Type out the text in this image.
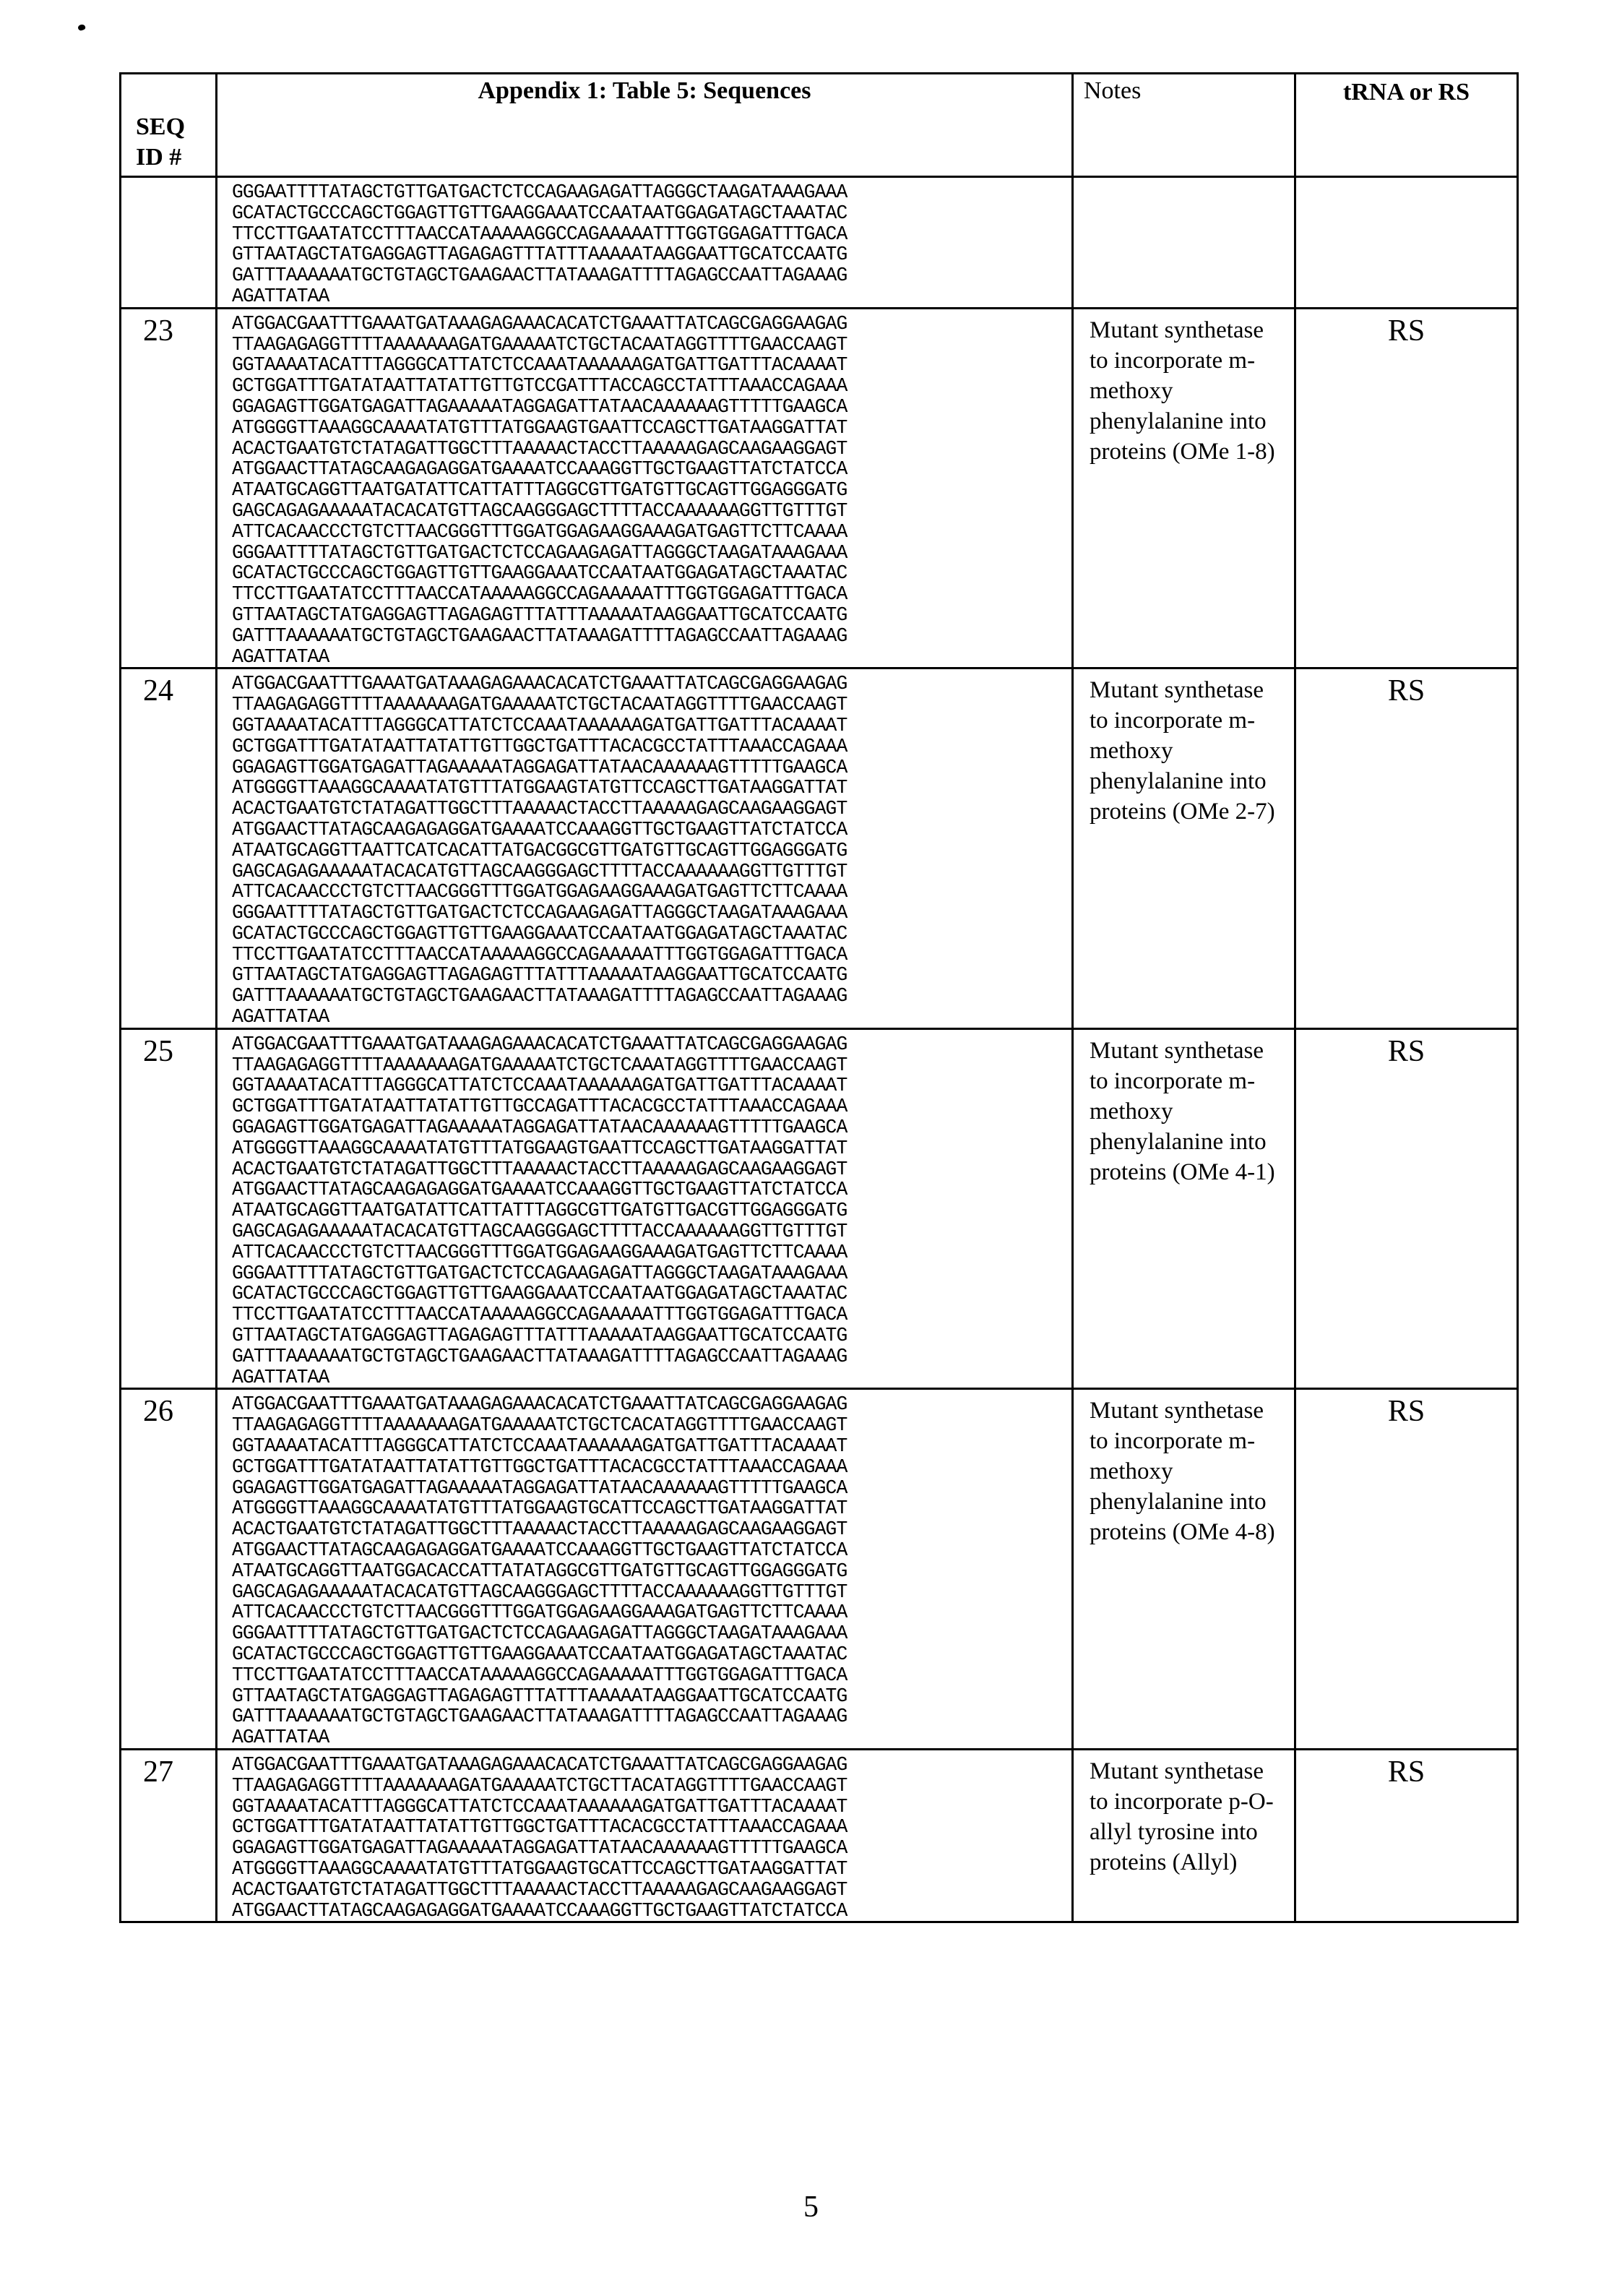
SEQ ID #	Appendix 1: Table 5: Sequences	Notes	tRNA or RS

GGGAATTTTATAGCTGTTGATGACTCTCCAGAAGAGATTAGGGCTAAGATAAAGAAA
GCATACTGCCCAGCTGGAGTTGTTGAAGGAAATCCAATAATGGAGATAGCTAAATAC
TTCCTTGAATATCCTTTAACCATAAAAAGGCCAGAAAAATTTGGTGGAGATTTGACA
GTTAATAGCTATGAGGAGTTAGAGAGTTTATTTAAAAATAAGGAATTGCATCCAATG
GATTTAAAAAATGCTGTAGCTGAAGAACTTATAAAGATTTTAGAGCCAATTAGAAAG
AGATTATAA

23	ATGGACGAATTTGAAATGATAAAGAGAAACACATCTGAAATTATCAGCGAGGAAGAG
TTAAGAGAGGTTTTAAAAAAAGATGAAAAATCTGCTACAATAGGTTTTGAACCAAGT
GGTAAAATACATTTAGGGCATTATCTCCAAATAAAAAAGATGATTGATTTACAAAAT
GCTGGATTTGATATAATTATATTGTTGTCCGATTTACCAGCCTATTTAAACCAGAAA
GGAGAGTTGGATGAGATTAGAAAAATAGGAGATTATAACAAAAAAGTTTTTGAAGCA
ATGGGGTTAAAGGCAAAATATGTTTATGGAAGTGAATTCCAGCTTGATAAGGATTAT
ACACTGAATGTCTATAGATTGGCTTTAAAAACTACCTTAAAAAGAGCAAGAAGGAGT
ATGGAACTTATAGCAAGAGAGGATGAAAATCCAAAGGTTGCTGAAGTTATCTATCCA
ATAATGCAGGTTAATGATATTCATTATTTAGGCGTTGATGTTGCAGTTGGAGGGATG
GAGCAGAGAAAAATACACATGTTAGCAAGGGAGCTTTTACCAAAAAAGGTTGTTTGT
ATTCACAACCCTGTCTTAACGGGTTTGGATGGAGAAGGAAAGATGAGTTCTTCAAAA
GGGAATTTTATAGCTGTTGATGACTCTCCAGAAGAGATTAGGGCTAAGATAAAGAAA
GCATACTGCCCAGCTGGAGTTGTTGAAGGAAATCCAATAATGGAGATAGCTAAATAC
TTCCTTGAATATCCTTTAACCATAAAAAGGCCAGAAAAATTTGGTGGAGATTTGACA
GTTAATAGCTATGAGGAGTTAGAGAGTTTATTTAAAAATAAGGAATTGCATCCAATG
GATTTAAAAAATGCTGTAGCTGAAGAACTTATAAAGATTTTAGAGCCAATTAGAAAG
AGATTATAA
	Mutant synthetase to incorporate m-methoxy phenylalanine into proteins (OMe 1-8)	RS
24	ATGGACGAATTTGAAATGATAAAGAGAAACACATCTGAAATTATCAGCGAGGAAGAG
TTAAGAGAGGTTTTAAAAAAAGATGAAAAATCTGCTACAATAGGTTTTGAACCAAGT
GGTAAAATACATTTAGGGCATTATCTCCAAATAAAAAAGATGATTGATTTACAAAAT
GCTGGATTTGATATAATTATATTGTTGGCTGATTTACACGCCTATTTAAACCAGAAA
GGAGAGTTGGATGAGATTAGAAAAATAGGAGATTATAACAAAAAAGTTTTTGAAGCA
ATGGGGTTAAAGGCAAAATATGTTTATGGAAGTATGTTCCAGCTTGATAAGGATTAT
ACACTGAATGTCTATAGATTGGCTTTAAAAACTACCTTAAAAAGAGCAAGAAGGAGT
ATGGAACTTATAGCAAGAGAGGATGAAAATCCAAAGGTTGCTGAAGTTATCTATCCA
ATAATGCAGGTTAATTCATCACATTATGACGGCGTTGATGTTGCAGTTGGAGGGATG
GAGCAGAGAAAAATACACATGTTAGCAAGGGAGCTTTTACCAAAAAAGGTTGTTTGT
ATTCACAACCCTGTCTTAACGGGTTTGGATGGAGAAGGAAAGATGAGTTCTTCAAAA
GGGAATTTTATAGCTGTTGATGACTCTCCAGAAGAGATTAGGGCTAAGATAAAGAAA
GCATACTGCCCAGCTGGAGTTGTTGAAGGAAATCCAATAATGGAGATAGCTAAATAC
TTCCTTGAATATCCTTTAACCATAAAAAGGCCAGAAAAATTTGGTGGAGATTTGACA
GTTAATAGCTATGAGGAGTTAGAGAGTTTATTTAAAAATAAGGAATTGCATCCAATG
GATTTAAAAAATGCTGTAGCTGAAGAACTTATAAAGATTTTAGAGCCAATTAGAAAG
AGATTATAA
	Mutant synthetase to incorporate m-methoxy phenylalanine into proteins (OMe 2-7)	RS
25	ATGGACGAATTTGAAATGATAAAGAGAAACACATCTGAAATTATCAGCGAGGAAGAG
TTAAGAGAGGTTTTAAAAAAAGATGAAAAATCTGCTCAAATAGGTTTTGAACCAAGT
GGTAAAATACATTTAGGGCATTATCTCCAAATAAAAAAGATGATTGATTTACAAAAT
GCTGGATTTGATATAATTATATTGTTGCCAGATTTACACGCCTATTTAAACCAGAAA
GGAGAGTTGGATGAGATTAGAAAAATAGGAGATTATAACAAAAAAGTTTTTGAAGCA
ATGGGGTTAAAGGCAAAATATGTTTATGGAAGTGAATTCCAGCTTGATAAGGATTAT
ACACTGAATGTCTATAGATTGGCTTTAAAAACTACCTTAAAAAGAGCAAGAAGGAGT
ATGGAACTTATAGCAAGAGAGGATGAAAATCCAAAGGTTGCTGAAGTTATCTATCCA
ATAATGCAGGTTAATGATATTCATTATTTAGGCGTTGATGTTGACGTTGGAGGGATG
GAGCAGAGAAAAATACACATGTTAGCAAGGGAGCTTTTACCAAAAAAGGTTGTTTGT
ATTCACAACCCTGTCTTAACGGGTTTGGATGGAGAAGGAAAGATGAGTTCTTCAAAA
GGGAATTTTATAGCTGTTGATGACTCTCCAGAAGAGATTAGGGCTAAGATAAAGAAA
GCATACTGCCCAGCTGGAGTTGTTGAAGGAAATCCAATAATGGAGATAGCTAAATAC
TTCCTTGAATATCCTTTAACCATAAAAAGGCCAGAAAAATTTGGTGGAGATTTGACA
GTTAATAGCTATGAGGAGTTAGAGAGTTTATTTAAAAATAAGGAATTGCATCCAATG
GATTTAAAAAATGCTGTAGCTGAAGAACTTATAAAGATTTTAGAGCCAATTAGAAAG
AGATTATAA
	Mutant synthetase to incorporate m-methoxy phenylalanine into proteins (OMe 4-1)	RS
26	ATGGACGAATTTGAAATGATAAAGAGAAACACATCTGAAATTATCAGCGAGGAAGAG
TTAAGAGAGGTTTTAAAAAAAGATGAAAAATCTGCTCACATAGGTTTTGAACCAAGT
GGTAAAATACATTTAGGGCATTATCTCCAAATAAAAAAGATGATTGATTTACAAAAT
GCTGGATTTGATATAATTATATTGTTGGCTGATTTACACGCCTATTTAAACCAGAAA
GGAGAGTTGGATGAGATTAGAAAAATAGGAGATTATAACAAAAAAGTTTTTGAAGCA
ATGGGGTTAAAGGCAAAATATGTTTATGGAAGTGCATTCCAGCTTGATAAGGATTAT
ACACTGAATGTCTATAGATTGGCTTTAAAAACTACCTTAAAAAGAGCAAGAAGGAGT
ATGGAACTTATAGCAAGAGAGGATGAAAATCCAAAGGTTGCTGAAGTTATCTATCCA
ATAATGCAGGTTAATGGACACCATTATATAGGCGTTGATGTTGCAGTTGGAGGGATG
GAGCAGAGAAAAATACACATGTTAGCAAGGGAGCTTTTACCAAAAAAGGTTGTTTGT
ATTCACAACCCTGTCTTAACGGGTTTGGATGGAGAAGGAAAGATGAGTTCTTCAAAA
GGGAATTTTATAGCTGTTGATGACTCTCCAGAAGAGATTAGGGCTAAGATAAAGAAA
GCATACTGCCCAGCTGGAGTTGTTGAAGGAAATCCAATAATGGAGATAGCTAAATAC
TTCCTTGAATATCCTTTAACCATAAAAAGGCCAGAAAAATTTGGTGGAGATTTGACA
GTTAATAGCTATGAGGAGTTAGAGAGTTTATTTAAAAATAAGGAATTGCATCCAATG
GATTTAAAAAATGCTGTAGCTGAAGAACTTATAAAGATTTTAGAGCCAATTAGAAAG
AGATTATAA
	Mutant synthetase to incorporate m-methoxy phenylalanine into proteins (OMe 4-8)	RS
27	ATGGACGAATTTGAAATGATAAAGAGAAACACATCTGAAATTATCAGCGAGGAAGAG
TTAAGAGAGGTTTTAAAAAAAGATGAAAAATCTGCTTACATAGGTTTTGAACCAAGT
GGTAAAATACATTTAGGGCATTATCTCCAAATAAAAAAGATGATTGATTTACAAAAT
GCTGGATTTGATATAATTATATTGTTGGCTGATTTACACGCCTATTTAAACCAGAAA
GGAGAGTTGGATGAGATTAGAAAAATAGGAGATTATAACAAAAAAGTTTTTGAAGCA
ATGGGGTTAAAGGCAAAATATGTTTATGGAAGTGCATTCCAGCTTGATAAGGATTAT
ACACTGAATGTCTATAGATTGGCTTTAAAAACTACCTTAAAAAGAGCAAGAAGGAGT
ATGGAACTTATAGCAAGAGAGGATGAAAATCCAAAGGTTGCTGAAGTTATCTATCCA
	Mutant synthetase to incorporate p-O-allyl tyrosine into proteins (Allyl)	RS
5
